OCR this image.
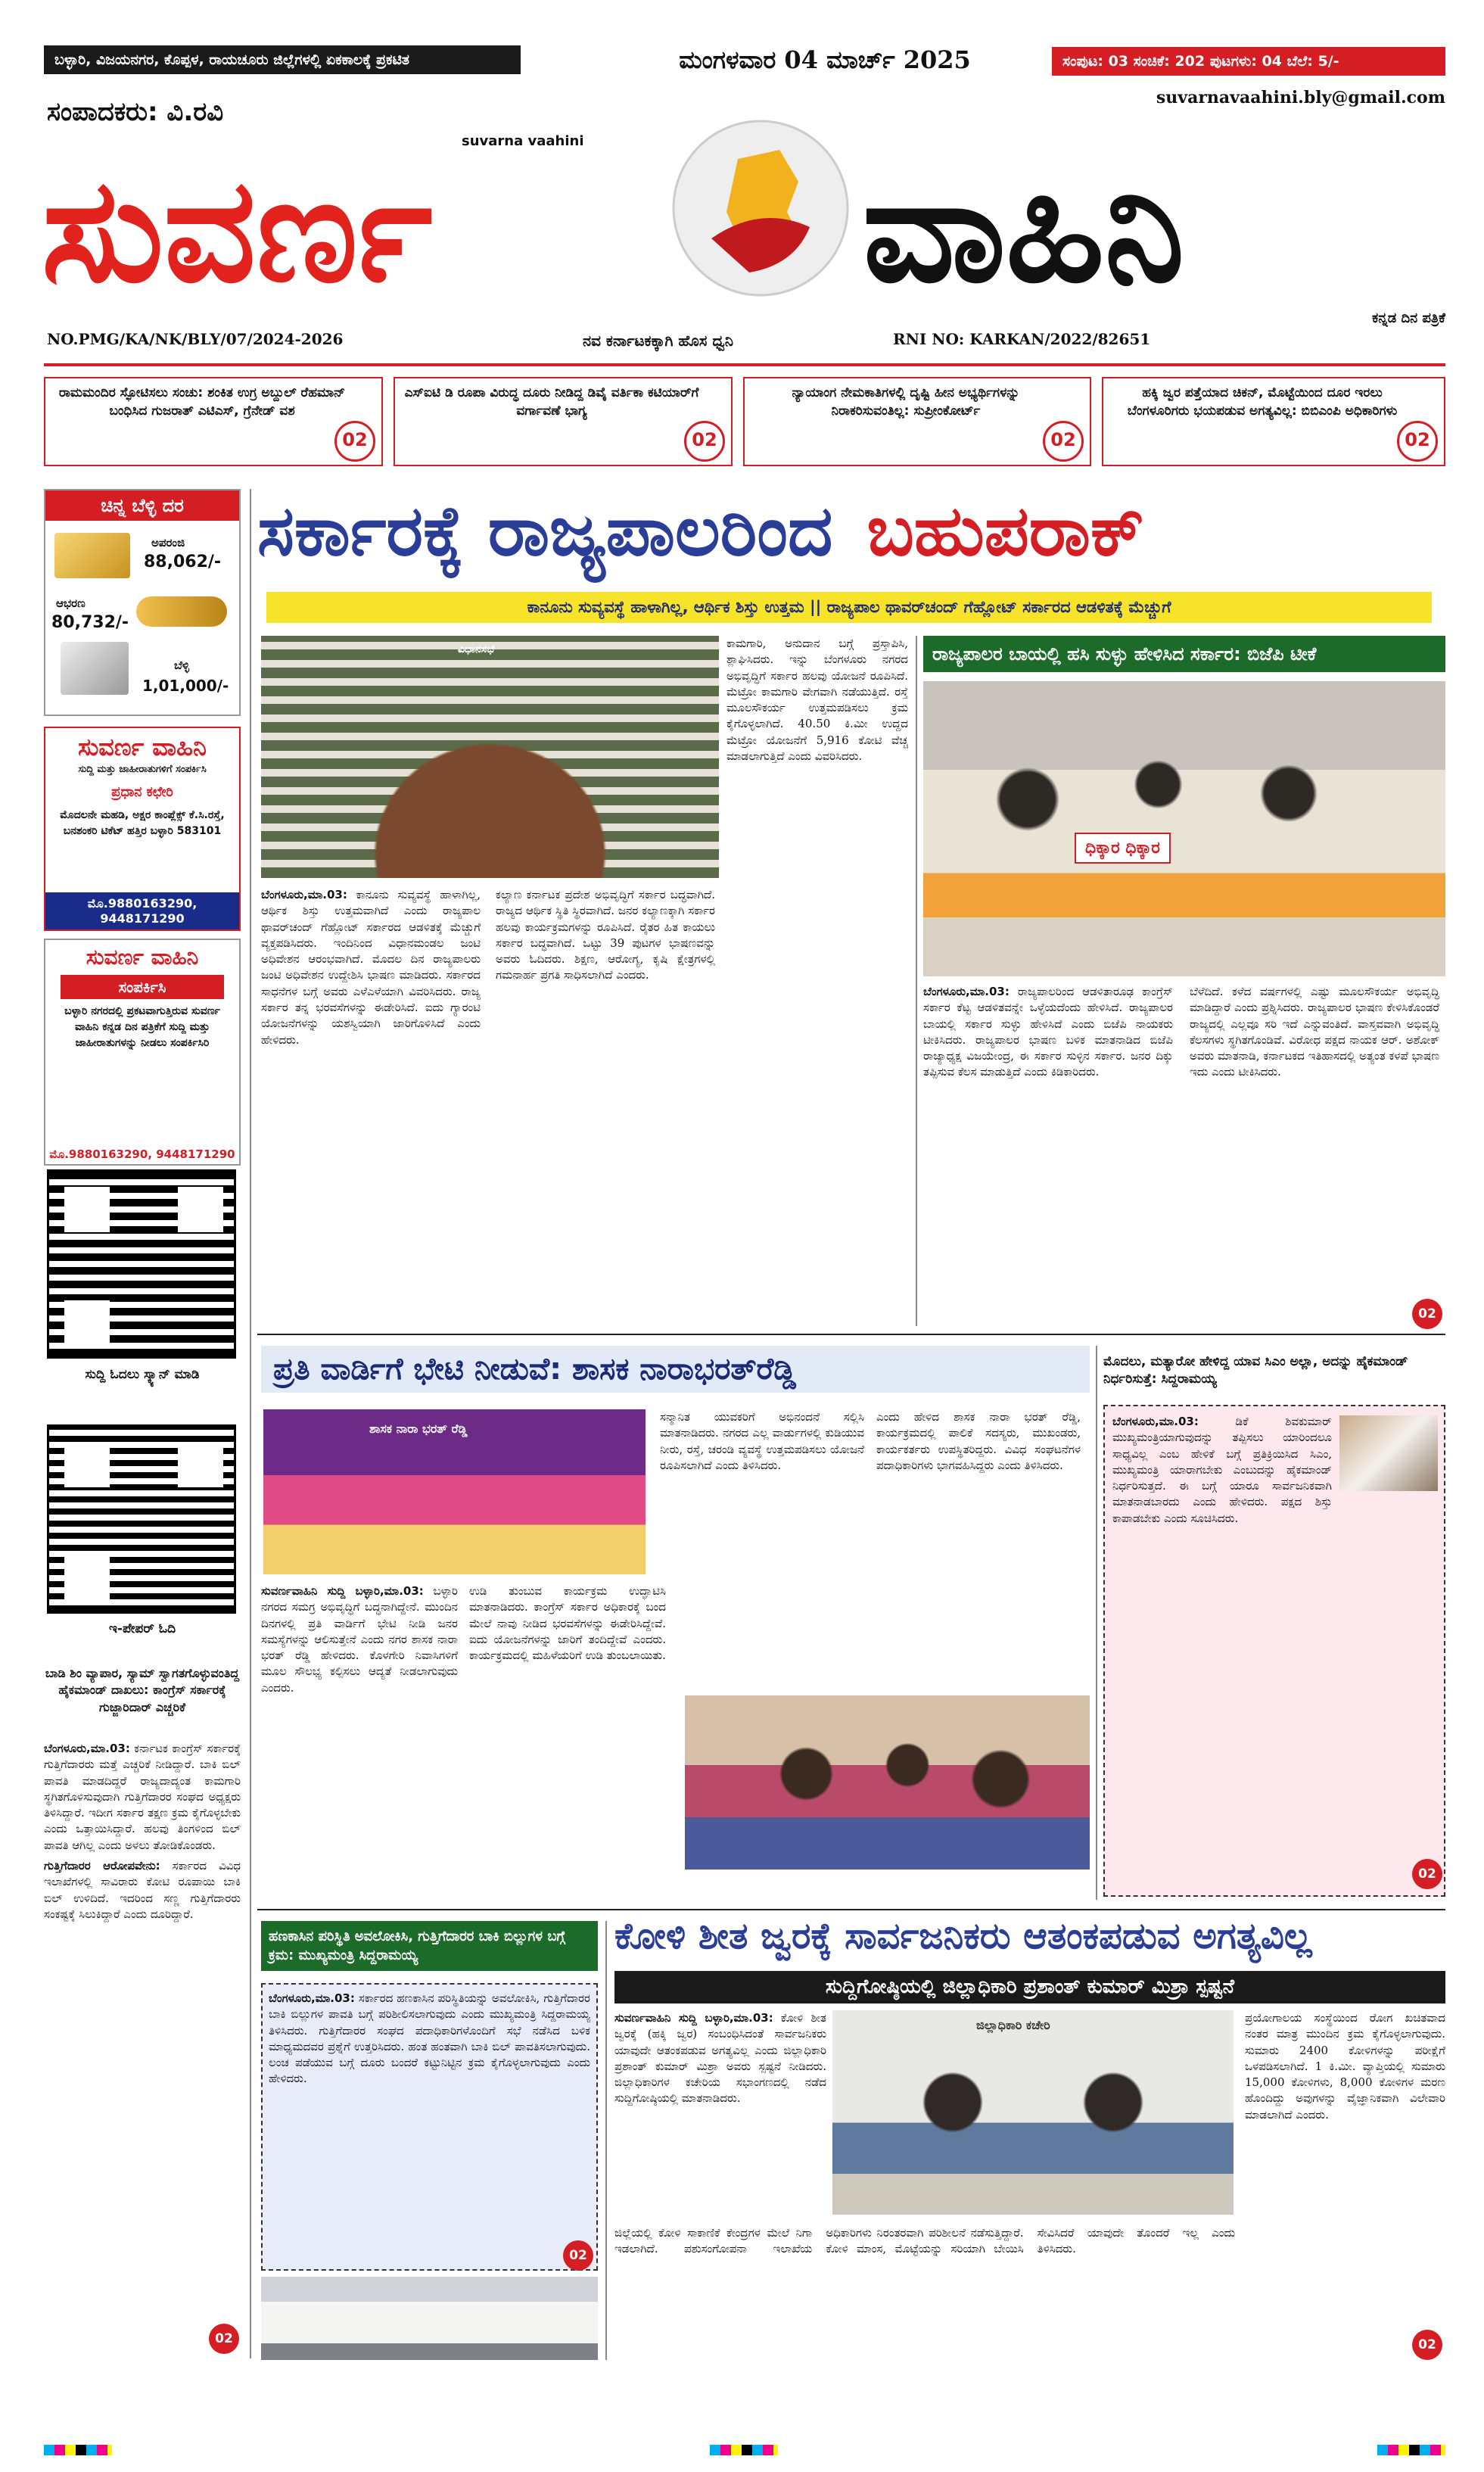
ಬಳ್ಳಾರಿ, ವಿಜಯನಗರ, ಕೊಪ್ಪಳ, ರಾಯಚೂರು ಜಿಲ್ಲೆಗಳಲ್ಲಿ ಏಕಕಾಲಕ್ಕೆ ಪ್ರಕಟಿತ	ಮಂಗಳವಾರ 04 ಮಾರ್ಚ್ 2025	ಸಂಪುಟ: 03 ಸಂಚಿಕೆ: 202 ಪುಟಗಳು: 04 ಬೆಲೆ: 5/-
suvarnavaahini.bly@gmail.com
ಸಂಪಾದಕರು: ವಿ.ರವಿ
suvarna vaahini
ಸುವರ್ಣ	ವಾಹಿನಿ
NO.PMG/KA/NK/BLY/07/2024-2026	ನವ ಕರ್ನಾಟಕಕ್ಕಾಗಿ ಹೊಸ ಧ್ವನಿ	RNI NO: KARKAN/2022/82651
ಕನ್ನಡ ದಿನ ಪತ್ರಿಕೆ
ರಾಮಮಂದಿರ ಸ್ಫೋಟಿಸಲು ಸಂಚು: ಶಂಕಿತ ಉಗ್ರ ಅಬ್ದುಲ್ ರೆಹಮಾನ್ ಬಂಧಿಸಿದ ಗುಜರಾತ್ ಎಟಿಎಸ್, ಗ್ರೆನೇಡ್ ವಶ
02
ಎಸ್‌ಐಟಿ ಡಿ ರೂಪಾ ವಿರುದ್ಧ ದೂರು ನೀಡಿದ್ದ ಡಿವೈ ವರ್ತಿಕಾ ಕಟಿಯಾರ್‌ಗೆ ವರ್ಗಾವಣೆ ಭಾಗ್ಯ
02
ನ್ಯಾಯಾಂಗ ನೇಮಕಾತಿಗಳಲ್ಲಿ ದೃಷ್ಟಿ ಹೀನ ಅಭ್ಯರ್ಥಿಗಳನ್ನು ನಿರಾಕರಿಸುವಂತಿಲ್ಲ: ಸುಪ್ರೀಂಕೋರ್ಟ್
02
ಹಕ್ಕಿ ಜ್ವರ ಪತ್ತೆಯಾದ ಚಿಕನ್, ಮೊಟ್ಟೆಯಿಂದ ದೂರ ಇರಲು ಬೆಂಗಳೂರಿಗರು ಭಯಪಡುವ ಅಗತ್ಯವಿಲ್ಲ: ಬಿಬಿಎಂಪಿ ಅಧಿಕಾರಿಗಳು
02
ಚಿನ್ನ ಬೆಳ್ಳಿ ದರ
ಅಪರಂಜಿ
88,062/-
ಆಭರಣ
80,732/-
ಬೆಳ್ಳಿ
1,01,000/-
ಸುವರ್ಣ ವಾಹಿನಿ
ಸುದ್ದಿ ಮತ್ತು ಜಾಹೀರಾತುಗಳಿಗೆ ಸಂಪರ್ಕಿಸಿ
ಪ್ರಧಾನ ಕಛೇರಿ
ಮೊದಲನೇ ಮಹಡಿ, ಅಕ್ಷರ ಕಾಂಪ್ಲೆಕ್ಸ್ ಕೆ.ಸಿ.ರಸ್ತೆ, ಬನಶಂಕರಿ ಟಿಕೆಟ್ ಹತ್ತಿರ ಬಳ್ಳಾರಿ 583101
ಮೊ.9880163290, 9448171290
ಸುವರ್ಣ ವಾಹಿನಿ
ಸಂಪರ್ಕಿಸಿ
ಬಳ್ಳಾರಿ ನಗರದಲ್ಲಿ ಪ್ರಕಟವಾಗುತ್ತಿರುವ ಸುವರ್ಣ ವಾಹಿನಿ ಕನ್ನಡ ದಿನ ಪತ್ರಿಕೆಗೆ ಸುದ್ದಿ ಮತ್ತು ಜಾಹೀರಾತುಗಳನ್ನು ನೀಡಲು ಸಂಪರ್ಕಿಸಿರಿ
ಮೊ.9880163290, 9448171290
ಸುದ್ದಿ ಓದಲು ಸ್ಕ್ಯಾನ್ ಮಾಡಿ
ಇ-ಪೇಪರ್ ಓದಿ
ಬಾಡಿ ಶಿಂ ವ್ಯಾಪಾರ, ಸ್ಯಾಮ್ ಸ್ವಾಗತಗೊಳ್ಳುವಂತಿದ್ದ ಹೈಕಮಾಂಡ್ ದಾಖಲು: ಕಾಂಗ್ರೆಸ್ ಸರ್ಕಾರಕ್ಕೆ ಗುಜ್ಜಾರಿದಾರ್ ಎಚ್ಚರಿಕೆ

ಬೆಂಗಳೂರು,ಮಾ.03: ಕರ್ನಾಟಕ ಕಾಂಗ್ರೆಸ್ ಸರ್ಕಾರಕ್ಕೆ ಗುತ್ತಿಗೆದಾರರು ಮತ್ತೆ ಎಚ್ಚರಿಕೆ ನೀಡಿದ್ದಾರೆ. ಬಾಕಿ ಬಿಲ್ ಪಾವತಿ ಮಾಡದಿದ್ದರೆ ರಾಜ್ಯದಾದ್ಯಂತ ಕಾಮಗಾರಿ ಸ್ಥಗಿತಗೊಳಿಸುವುದಾಗಿ ಗುತ್ತಿಗೆದಾರರ ಸಂಘದ ಅಧ್ಯಕ್ಷರು ತಿಳಿಸಿದ್ದಾರೆ. ಇದೀಗ ಸರ್ಕಾರ ತಕ್ಷಣ ಕ್ರಮ ಕೈಗೊಳ್ಳಬೇಕು ಎಂದು ಒತ್ತಾಯಿಸಿದ್ದಾರೆ. ಹಲವು ತಿಂಗಳಿಂದ ಬಿಲ್ ಪಾವತಿ ಆಗಿಲ್ಲ ಎಂದು ಅಳಲು ತೋಡಿಕೊಂಡರು.

ಗುತ್ತಿಗೆದಾರರ ಆರೋಪವೇನು: ಸರ್ಕಾರದ ವಿವಿಧ ಇಲಾಖೆಗಳಲ್ಲಿ ಸಾವಿರಾರು ಕೋಟಿ ರೂಪಾಯಿ ಬಾಕಿ ಬಿಲ್ ಉಳಿದಿದೆ. ಇದರಿಂದ ಸಣ್ಣ ಗುತ್ತಿಗೆದಾರರು ಸಂಕಷ್ಟಕ್ಕೆ ಸಿಲುಕಿದ್ದಾರೆ ಎಂದು ದೂರಿದ್ದಾರೆ.

02
ಸರ್ಕಾರಕ್ಕೆ ರಾಜ್ಯಪಾಲರಿಂದ ಬಹುಪರಾಕ್
ಕಾನೂನು ಸುವ್ಯವಸ್ಥೆ ಹಾಳಾಗಿಲ್ಲ, ಆರ್ಥಿಕ ಶಿಸ್ತು ಉತ್ತಮ || ರಾಜ್ಯಪಾಲ ಥಾವರ್‌ಚಂದ್ ಗೆಹ್ಲೋಟ್ ಸರ್ಕಾರದ ಆಡಳಿತಕ್ಕೆ ಮೆಚ್ಚುಗೆ
ವಿಧಾನಸಭೆ

ಬೆಂಗಳೂರು,ಮಾ.03: ಕಾನೂನು ಸುವ್ಯವಸ್ಥೆ ಹಾಳಾಗಿಲ್ಲ, ಆರ್ಥಿಕ ಶಿಸ್ತು ಉತ್ತಮವಾಗಿದೆ ಎಂದು ರಾಜ್ಯಪಾಲ ಥಾವರ್‌ಚಂದ್ ಗೆಹ್ಲೋಟ್ ಸರ್ಕಾರದ ಆಡಳಿತಕ್ಕೆ ಮೆಚ್ಚುಗೆ ವ್ಯಕ್ತಪಡಿಸಿದರು. ಇಂದಿನಿಂದ ವಿಧಾನಮಂಡಲ ಜಂಟಿ ಅಧಿವೇಶನ ಆರಂಭವಾಗಿದೆ. ಮೊದಲ ದಿನ ರಾಜ್ಯಪಾಲರು ಜಂಟಿ ಅಧಿವೇಶನ ಉದ್ದೇಶಿಸಿ ಭಾಷಣ ಮಾಡಿದರು. ಸರ್ಕಾರದ ಸಾಧನೆಗಳ ಬಗ್ಗೆ ಅವರು ಎಳೆಎಳೆಯಾಗಿ ವಿವರಿಸಿದರು. ರಾಜ್ಯ ಸರ್ಕಾರ ತನ್ನ ಭರವಸೆಗಳನ್ನು ಈಡೇರಿಸಿದೆ. ಐದು ಗ್ಯಾರಂಟಿ ಯೋಜನೆಗಳನ್ನು ಯಶಸ್ವಿಯಾಗಿ ಜಾರಿಗೊಳಿಸಿದೆ ಎಂದು ಹೇಳಿದರು.

ಕಲ್ಯಾಣ ಕರ್ನಾಟಕ ಪ್ರದೇಶ ಅಭಿವೃದ್ಧಿಗೆ ಸರ್ಕಾರ ಬದ್ಧವಾಗಿದೆ. ರಾಜ್ಯದ ಆರ್ಥಿಕ ಸ್ಥಿತಿ ಸ್ಥಿರವಾಗಿದೆ. ಜನರ ಕಲ್ಯಾಣಕ್ಕಾಗಿ ಸರ್ಕಾರ ಹಲವು ಕಾರ್ಯಕ್ರಮಗಳನ್ನು ರೂಪಿಸಿದೆ. ರೈತರ ಹಿತ ಕಾಯಲು ಸರ್ಕಾರ ಬದ್ಧವಾಗಿದೆ. ಒಟ್ಟು 39 ಪುಟಗಳ ಭಾಷಣವನ್ನು ಅವರು ಓದಿದರು. ಶಿಕ್ಷಣ, ಆರೋಗ್ಯ, ಕೃಷಿ ಕ್ಷೇತ್ರಗಳಲ್ಲಿ ಗಮನಾರ್ಹ ಪ್ರಗತಿ ಸಾಧಿಸಲಾಗಿದೆ ಎಂದರು.

ಕಾಮಗಾರಿ, ಅನುದಾನ ಬಗ್ಗೆ ಪ್ರಸ್ತಾಪಿಸಿ, ಶ್ಲಾಘಿಸಿದರು. ಇನ್ನು ಬೆಂಗಳೂರು ನಗರದ ಅಭಿವೃದ್ಧಿಗೆ ಸರ್ಕಾರ ಹಲವು ಯೋಜನೆ ರೂಪಿಸಿದೆ. ಮೆಟ್ರೋ ಕಾಮಗಾರಿ ವೇಗವಾಗಿ ನಡೆಯುತ್ತಿದೆ. ರಸ್ತೆ ಮೂಲಸೌಕರ್ಯ ಉತ್ತಮಪಡಿಸಲು ಕ್ರಮ ಕೈಗೊಳ್ಳಲಾಗಿದೆ. 40.50 ಕಿ.ಮೀ ಉದ್ದದ ಮೆಟ್ರೋ ಯೋಜನೆಗೆ 5,916 ಕೋಟಿ ವೆಚ್ಚ ಮಾಡಲಾಗುತ್ತಿದೆ ಎಂದು ವಿವರಿಸಿದರು.

ರಾಜ್ಯಪಾಲರ ಬಾಯಲ್ಲಿ ಹಸಿ ಸುಳ್ಳು ಹೇಳಿಸಿದ ಸರ್ಕಾರ: ಬಿಜೆಪಿ ಟೀಕೆ
ಧಿಕ್ಕಾರ ಧಿಕ್ಕಾರ

ಬೆಂಗಳೂರು,ಮಾ.03: ರಾಜ್ಯಪಾಲರಿಂದ ಆಡಳಿತಾರೂಢ ಕಾಂಗ್ರೆಸ್ ಸರ್ಕಾರ ಕೆಟ್ಟ ಆಡಳಿತವನ್ನೇ ಒಳ್ಳೆಯದೆಂದು ಹೇಳಿಸಿದೆ. ರಾಜ್ಯಪಾಲರ ಬಾಯಲ್ಲಿ ಸರ್ಕಾರ ಸುಳ್ಳು ಹೇಳಿಸಿದೆ ಎಂದು ಬಿಜೆಪಿ ನಾಯಕರು ಟೀಕಿಸಿದರು. ರಾಜ್ಯಪಾಲರ ಭಾಷಣ ಬಳಿಕ ಮಾತನಾಡಿದ ಬಿಜೆಪಿ ರಾಜ್ಯಾಧ್ಯಕ್ಷ ವಿಜಯೇಂದ್ರ, ಈ ಸರ್ಕಾರ ಸುಳ್ಳಿನ ಸರ್ಕಾರ. ಜನರ ದಿಕ್ಕು ತಪ್ಪಿಸುವ ಕೆಲಸ ಮಾಡುತ್ತಿದೆ ಎಂದು ಕಿಡಿಕಾರಿದರು.

ಬೆಳೆದಿದೆ. ಕಳೆದ ವರ್ಷಗಳಲ್ಲಿ ಎಷ್ಟು ಮೂಲಸೌಕರ್ಯ ಅಭಿವೃದ್ಧಿ ಮಾಡಿದ್ದಾರೆ ಎಂದು ಪ್ರಶ್ನಿಸಿದರು. ರಾಜ್ಯಪಾಲರ ಭಾಷಣ ಕೇಳಿಸಿಕೊಂಡರೆ ರಾಜ್ಯದಲ್ಲಿ ಎಲ್ಲವೂ ಸರಿ ಇದೆ ಎನ್ನುವಂತಿದೆ. ವಾಸ್ತವವಾಗಿ ಅಭಿವೃದ್ಧಿ ಕೆಲಸಗಳು ಸ್ಥಗಿತಗೊಂಡಿವೆ. ವಿರೋಧ ಪಕ್ಷದ ನಾಯಕ ಆರ್. ಅಶೋಕ್ ಅವರು ಮಾತನಾಡಿ, ಕರ್ನಾಟಕದ ಇತಿಹಾಸದಲ್ಲಿ ಅತ್ಯಂತ ಕಳಪೆ ಭಾಷಣ ಇದು ಎಂದು ಟೀಕಿಸಿದರು.

02
ಪ್ರತಿ ವಾರ್ಡಿಗೆ ಭೇಟಿ ನೀಡುವೆ: ಶಾಸಕ ನಾರಾಭರತ್‌ರೆಡ್ಡಿ
ಶಾಸಕ ನಾರಾ ಭರತ್ ರೆಡ್ಡಿ

ಸುವರ್ಣವಾಹಿನಿ ಸುದ್ದಿ ಬಳ್ಳಾರಿ,ಮಾ.03: ಬಳ್ಳಾರಿ ನಗರದ ಸಮಗ್ರ ಅಭಿವೃದ್ಧಿಗೆ ಬದ್ಧನಾಗಿದ್ದೇನೆ. ಮುಂದಿನ ದಿನಗಳಲ್ಲಿ ಪ್ರತಿ ವಾರ್ಡಿಗೆ ಭೇಟಿ ನೀಡಿ ಜನರ ಸಮಸ್ಯೆಗಳನ್ನು ಆಲಿಸುತ್ತೇನೆ ಎಂದು ನಗರ ಶಾಸಕ ನಾರಾ ಭರತ್ ರೆಡ್ಡಿ ಹೇಳಿದರು. ಕೊಳಗೇರಿ ನಿವಾಸಿಗಳಿಗೆ ಮೂಲ ಸೌಲಭ್ಯ ಕಲ್ಪಿಸಲು ಆದ್ಯತೆ ನೀಡಲಾಗುವುದು ಎಂದರು.

ಉಡಿ ತುಂಬುವ ಕಾರ್ಯಕ್ರಮ ಉದ್ಘಾಟಿಸಿ ಮಾತನಾಡಿದರು. ಕಾಂಗ್ರೆಸ್ ಸರ್ಕಾರ ಅಧಿಕಾರಕ್ಕೆ ಬಂದ ಮೇಲೆ ನಾವು ನೀಡಿದ ಭರವಸೆಗಳನ್ನು ಈಡೇರಿಸಿದ್ದೇವೆ. ಐದು ಯೋಜನೆಗಳನ್ನು ಜಾರಿಗೆ ತಂದಿದ್ದೇವೆ ಎಂದರು. ಕಾರ್ಯಕ್ರಮದಲ್ಲಿ ಮಹಿಳೆಯರಿಗೆ ಉಡಿ ತುಂಬಲಾಯಿತು.

ಸನ್ಮಾನಿತ ಯುವಕರಿಗೆ ಅಭಿನಂದನೆ ಸಲ್ಲಿಸಿ ಮಾತನಾಡಿದರು. ನಗರದ ಎಲ್ಲ ವಾರ್ಡುಗಳಲ್ಲಿ ಕುಡಿಯುವ ನೀರು, ರಸ್ತೆ, ಚರಂಡಿ ವ್ಯವಸ್ಥೆ ಉತ್ತಮಪಡಿಸಲು ಯೋಜನೆ ರೂಪಿಸಲಾಗಿದೆ ಎಂದು ತಿಳಿಸಿದರು.

ಎಂದು ಹೇಳಿದ ಶಾಸಕ ನಾರಾ ಭರತ್ ರೆಡ್ಡಿ, ಕಾರ್ಯಕ್ರಮದಲ್ಲಿ ಪಾಲಿಕೆ ಸದಸ್ಯರು, ಮುಖಂಡರು, ಕಾರ್ಯಕರ್ತರು ಉಪಸ್ಥಿತರಿದ್ದರು. ವಿವಿಧ ಸಂಘಟನೆಗಳ ಪದಾಧಿಕಾರಿಗಳು ಭಾಗವಹಿಸಿದ್ದರು ಎಂದು ತಿಳಿಸಿದರು.

ಮೊದಲು, ಮತ್ಯಾರೋ ಹೇಳಿದ್ದ ಯಾವ ಸಿಎಂ ಅಲ್ಲಾ, ಅದನ್ನು ಹೈಕಮಾಂಡ್ ನಿರ್ಧರಿಸುತ್ತೆ: ಸಿದ್ದರಾಮಯ್ಯ

ಬೆಂಗಳೂರು,ಮಾ.03:	ಡಿಕೆ ಶಿವಕುಮಾರ್ ಮುಖ್ಯಮಂತ್ರಿಯಾಗುವುದನ್ನು ತಪ್ಪಿಸಲು ಯಾರಿಂದಲೂ ಸಾಧ್ಯವಿಲ್ಲ ಎಂಬ ಹೇಳಿಕೆ ಬಗ್ಗೆ ಪ್ರತಿಕ್ರಿಯಿಸಿದ ಸಿಎಂ, ಮುಖ್ಯಮಂತ್ರಿ ಯಾರಾಗಬೇಕು ಎಂಬುದನ್ನು ಹೈಕಮಾಂಡ್ ನಿರ್ಧರಿಸುತ್ತದೆ. ಈ ಬಗ್ಗೆ ಯಾರೂ ಸಾರ್ವಜನಿಕವಾಗಿ ಮಾತನಾಡಬಾರದು ಎಂದು ಹೇಳಿದರು. ಪಕ್ಷದ ಶಿಸ್ತು ಕಾಪಾಡಬೇಕು ಎಂದು ಸೂಚಿಸಿದರು.

02
ಹಣಕಾಸಿನ ಪರಿಸ್ಥಿತಿ ಅವಲೋಕಿಸಿ, ಗುತ್ತಿಗೆದಾರರ ಬಾಕಿ ಬಿಲ್ಲುಗಳ ಬಗ್ಗೆ ಕ್ರಮ: ಮುಖ್ಯಮಂತ್ರಿ ಸಿದ್ದರಾಮಯ್ಯ

ಬೆಂಗಳೂರು,ಮಾ.03: ಸರ್ಕಾರದ ಹಣಕಾಸಿನ ಪರಿಸ್ಥಿತಿಯನ್ನು ಅವಲೋಕಿಸಿ, ಗುತ್ತಿಗೆದಾರರ ಬಾಕಿ ಬಿಲ್ಲುಗಳ ಪಾವತಿ ಬಗ್ಗೆ ಪರಿಶೀಲಿಸಲಾಗುವುದು ಎಂದು ಮುಖ್ಯಮಂತ್ರಿ ಸಿದ್ದರಾಮಯ್ಯ ತಿಳಿಸಿದರು. ಗುತ್ತಿಗೆದಾರರ ಸಂಘದ ಪದಾಧಿಕಾರಿಗಳೊಂದಿಗೆ ಸಭೆ ನಡೆಸಿದ ಬಳಿಕ ಮಾಧ್ಯಮದವರ ಪ್ರಶ್ನೆಗೆ ಉತ್ತರಿಸಿದರು. ಹಂತ ಹಂತವಾಗಿ ಬಾಕಿ ಬಿಲ್ ಪಾವತಿಸಲಾಗುವುದು. ಲಂಚ ಪಡೆಯುವ ಬಗ್ಗೆ ದೂರು ಬಂದರೆ ಕಟ್ಟುನಿಟ್ಟಿನ ಕ್ರಮ ಕೈಗೊಳ್ಳಲಾಗುವುದು ಎಂದು ಹೇಳಿದರು.

02
ಕೋಳಿ ಶೀತ ಜ್ವರಕ್ಕೆ ಸಾರ್ವಜನಿಕರು ಆತಂಕಪಡುವ ಅಗತ್ಯವಿಲ್ಲ
ಸುದ್ದಿಗೋಷ್ಠಿಯಲ್ಲಿ ಜಿಲ್ಲಾಧಿಕಾರಿ ಪ್ರಶಾಂತ್ ಕುಮಾರ್ ಮಿಶ್ರಾ ಸ್ಪಷ್ಟನೆ

ಸುವರ್ಣವಾಹಿನಿ ಸುದ್ದಿ ಬಳ್ಳಾರಿ,ಮಾ.03: ಕೋಳಿ ಶೀತ ಜ್ವರಕ್ಕೆ (ಹಕ್ಕಿ ಜ್ವರ) ಸಂಬಂಧಿಸಿದಂತೆ ಸಾರ್ವಜನಿಕರು ಯಾವುದೇ ಆತಂಕಪಡುವ ಅಗತ್ಯವಿಲ್ಲ ಎಂದು ಜಿಲ್ಲಾಧಿಕಾರಿ ಪ್ರಶಾಂತ್ ಕುಮಾರ್ ಮಿಶ್ರಾ ಅವರು ಸ್ಪಷ್ಟನೆ ನೀಡಿದರು. ಜಿಲ್ಲಾಧಿಕಾರಿಗಳ ಕಚೇರಿಯ ಸಭಾಂಗಣದಲ್ಲಿ ನಡೆದ ಸುದ್ದಿಗೋಷ್ಠಿಯಲ್ಲಿ ಮಾತನಾಡಿದರು.

ಜಿಲ್ಲಾಧಿಕಾರಿ ಕಚೇರಿ

ಜಿಲ್ಲೆಯಲ್ಲಿ ಕೋಳಿ ಸಾಕಾಣಿಕೆ ಕೇಂದ್ರಗಳ ಮೇಲೆ ನಿಗಾ ಇಡಲಾಗಿದೆ. ಪಶುಸಂಗೋಪನಾ ಇಲಾಖೆಯ ಅಧಿಕಾರಿಗಳು ನಿರಂತರವಾಗಿ ಪರಿಶೀಲನೆ ನಡೆಸುತ್ತಿದ್ದಾರೆ. ಕೋಳಿ ಮಾಂಸ, ಮೊಟ್ಟೆಯನ್ನು ಸರಿಯಾಗಿ ಬೇಯಿಸಿ ಸೇವಿಸಿದರೆ ಯಾವುದೇ ತೊಂದರೆ ಇಲ್ಲ ಎಂದು ತಿಳಿಸಿದರು.

ಪ್ರಯೋಗಾಲಯ ಸಂಸ್ಥೆಯಿಂದ ರೋಗ ಖಚಿತವಾದ ನಂತರ ಮಾತ್ರ ಮುಂದಿನ ಕ್ರಮ ಕೈಗೊಳ್ಳಲಾಗುವುದು. ಸುಮಾರು 2400 ಕೋಳಿಗಳನ್ನು ಪರೀಕ್ಷೆಗೆ ಒಳಪಡಿಸಲಾಗಿದೆ. 1 ಕಿ.ಮೀ. ವ್ಯಾಪ್ತಿಯಲ್ಲಿ ಸುಮಾರು 15,000 ಕೋಳಿಗಳು, 8,000 ಕೋಳಿಗಳ ಮರಣ ಹೊಂದಿದ್ದು ಅವುಗಳನ್ನು ವೈಜ್ಞಾನಿಕವಾಗಿ ವಿಲೇವಾರಿ ಮಾಡಲಾಗಿದೆ ಎಂದರು.

02
